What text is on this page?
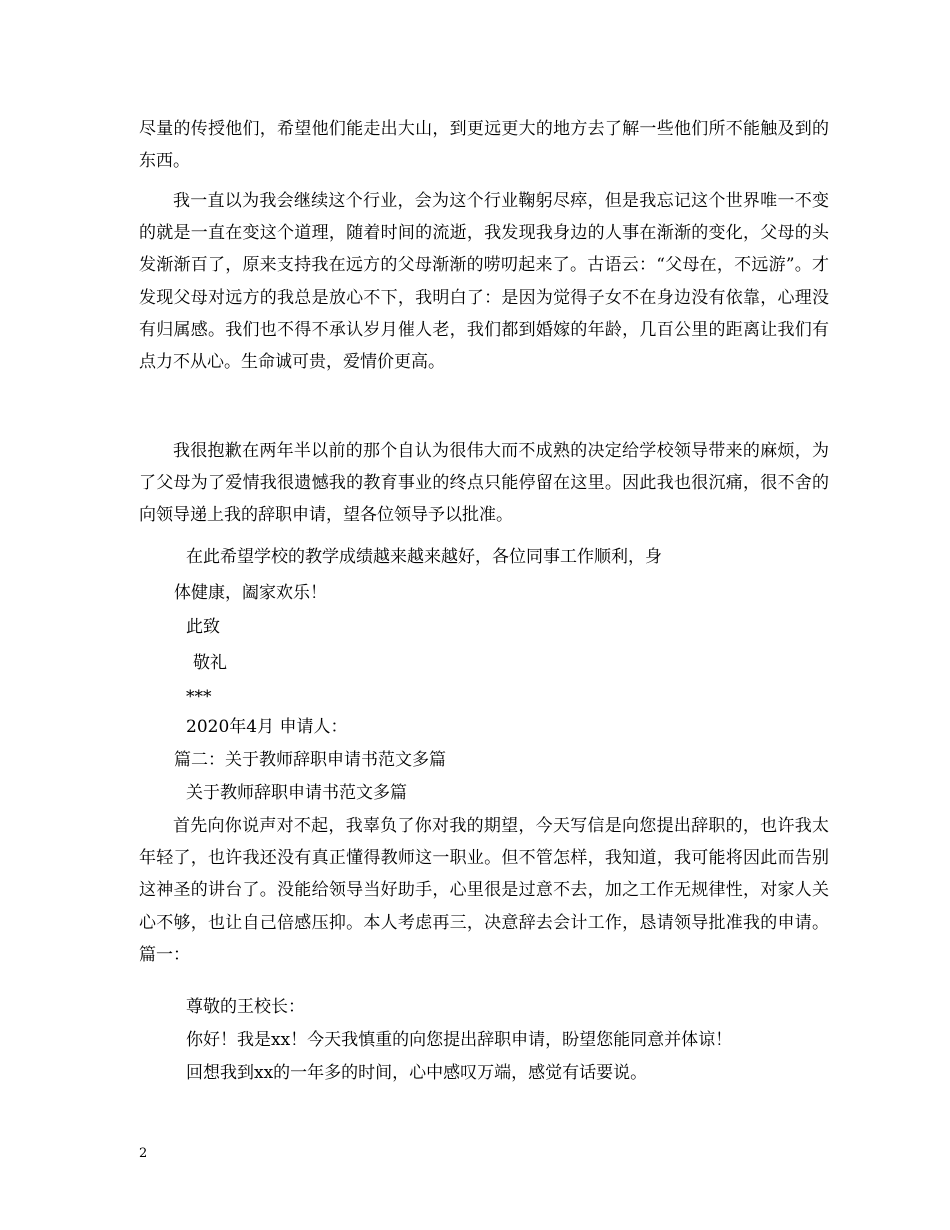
尽量的传授他们，希望他们能走出大山，到更远更大的地方去了解一些他们所不能触及到的东西。
我一直以为我会继续这个行业，会为这个行业鞠躬尽瘁，但是我忘记这个世界唯一不变的就是一直在变这个道理，随着时间的流逝，我发现我身边的人事在渐渐的变化，父母的头发渐渐百了，原来支持我在远方的父母渐渐的唠叨起来了。古语云：“父母在，不远游”。才发现父母对远方的我总是放心不下，我明白了：是因为觉得子女不在身边没有依靠，心理没有归属感。我们也不得不承认岁月催人老，我们都到婚嫁的年龄，几百公里的距离让我们有点力不从心。生命诚可贵，爱情价更高。
我很抱歉在两年半以前的那个自认为很伟大而不成熟的决定给学校领导带来的麻烦，为了父母为了爱情我很遗憾我的教育事业的终点只能停留在这里。因此我也很沉痛，很不舍的向领导递上我的辞职申请，望各位领导予以批准。
在此希望学校的教学成绩越来越来越好，各位同事工作顺利，身
体健康，阖家欢乐！
此致
敬礼
***
2020年4月 申请人：
篇二：关于教师辞职申请书范文多篇
关于教师辞职申请书范文多篇
首先向你说声对不起，我辜负了你对我的期望，今天写信是向您提出辞职的，也许我太年轻了，也许我还没有真正懂得教师这一职业。但不管怎样，我知道，我可能将因此而告别这神圣的讲台了。没能给领导当好助手，心里很是过意不去，加之工作无规律性，对家人关心不够，也让自己倍感压抑。本人考虑再三，决意辞去会计工作，恳请领导批准我的申请。 篇一：
尊敬的王校长：
你好！我是xx！今天我慎重的向您提出辞职申请，盼望您能同意并体谅！
回想我到xx的一年多的时间，心中感叹万端，感觉有话要说。
2
